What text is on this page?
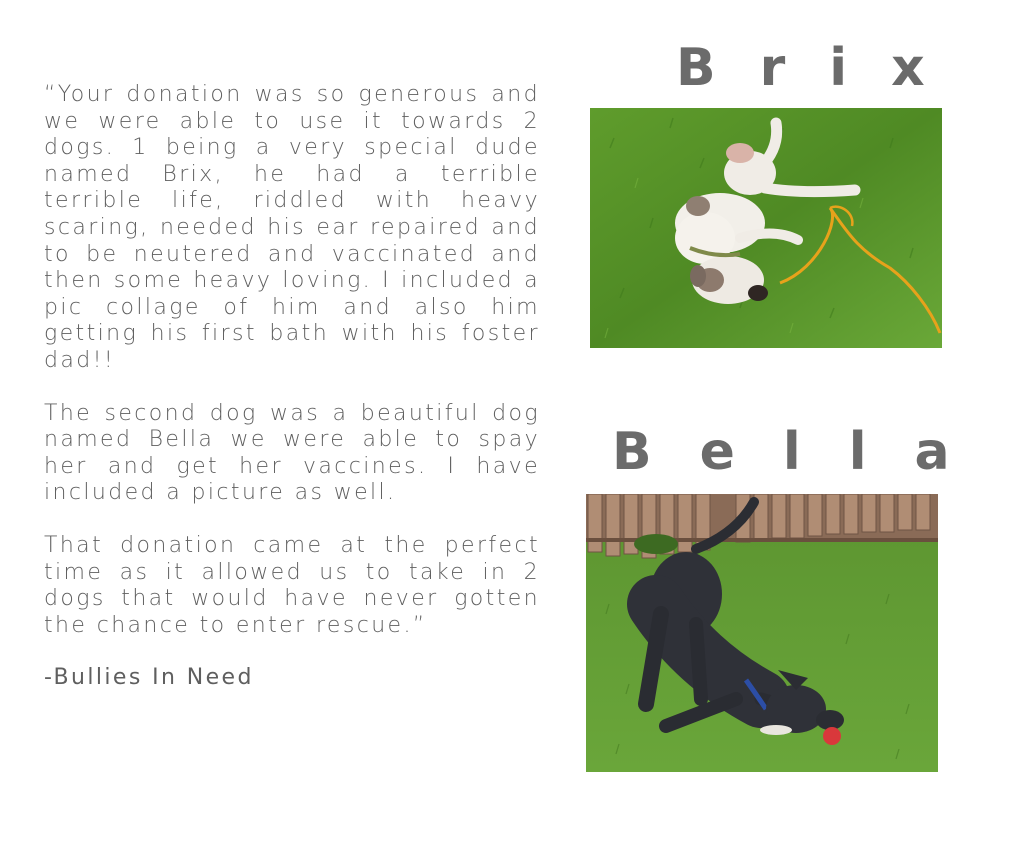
“Your donation was so generous and we were able to use it towards 2 dogs. 1 being a very special dude named Brix, he had a terrible terrible life, riddled with heavy scaring, needed his ear repaired and to be neutered and vaccinated and then some heavy loving. I included a pic collage of him and also him getting his first bath with his foster dad!!

The second dog was a beautiful dog named Bella we were able to spay her and get her vaccines. I have included a picture as well.

That donation came at the perfect time as it allowed us to take in 2 dogs that would have never gotten the chance to enter rescue.”

-Bullies In Need

Brix
Bella
